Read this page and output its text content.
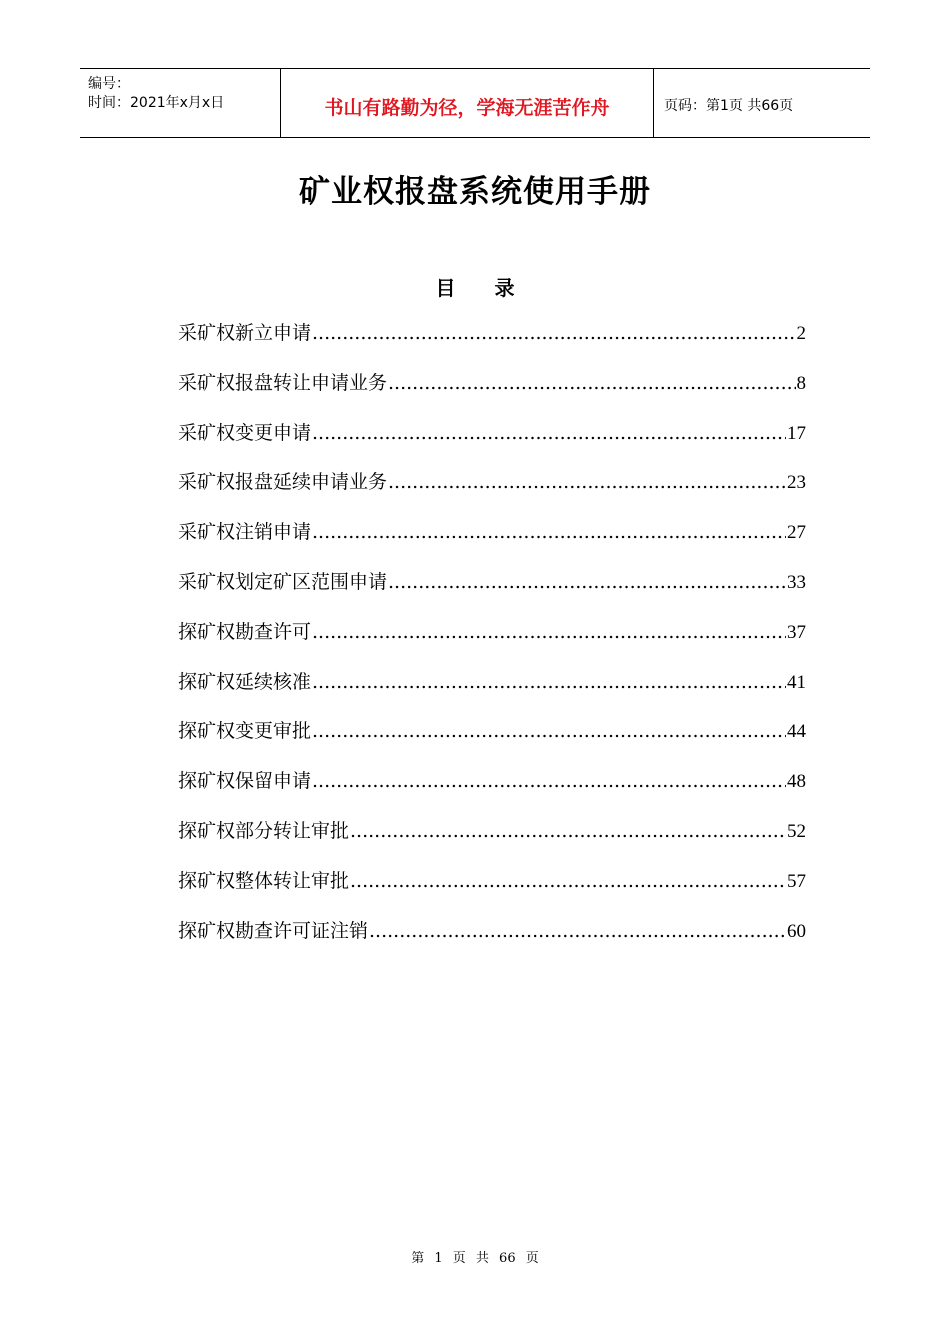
编号：
时间：2021年x月x日	书山有路勤为径，学海无涯苦作舟	页码：第1页 共66页
矿业权报盘系统使用手册
目 录
采矿权新立申请 .....	2
采矿权报盘转让申请业务 .....	8
采矿权变更申请 .....	17
采矿权报盘延续申请业务 .....	23
采矿权注销申请 .....	27
采矿权划定矿区范围申请 .....	33
探矿权勘查许可 .....	37
探矿权延续核准 .....	41
探矿权变更审批 .....	44
探矿权保留申请 .....	48
探矿权部分转让审批 .....	52
探矿权整体转让审批 .....	57
探矿权勘查许可证注销 .....	60
第 1 页 共 66 页
